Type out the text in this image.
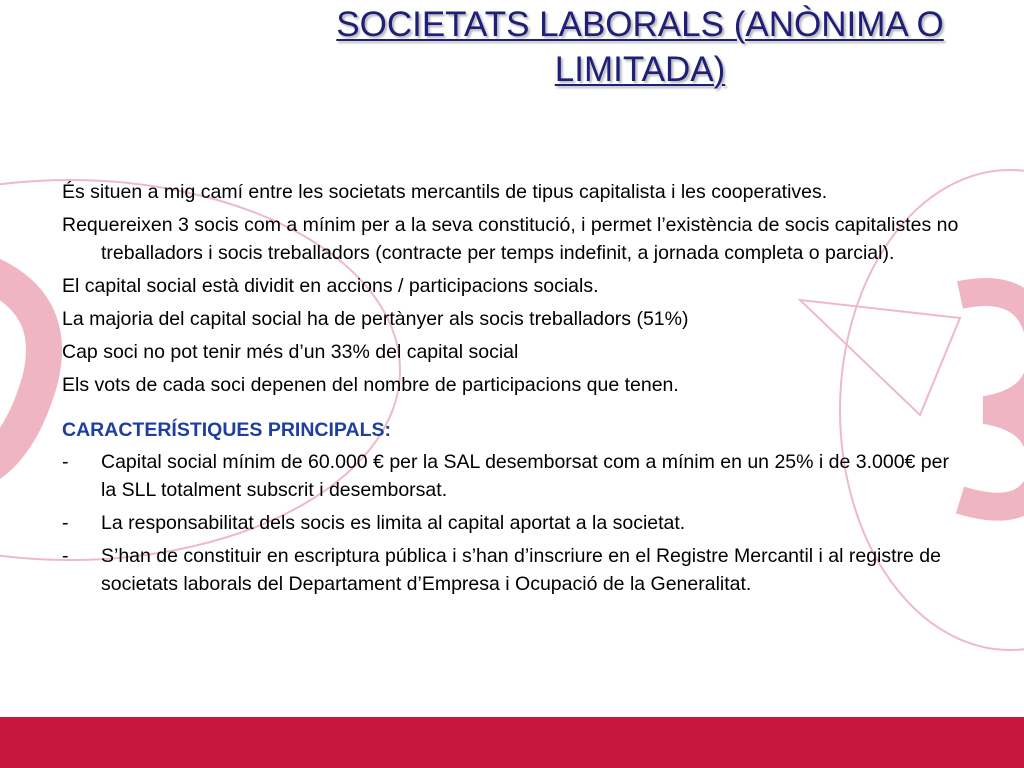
SOCIETATS LABORALS (ANÒNIMA O LIMITADA)

És situen a mig camí entre les societats mercantils de tipus capitalista i les cooperatives.

Requereixen 3 socis com a mínim per a la seva constitució, i permet l’existència de socis capitalistes no treballadors i socis treballadors (contracte per temps indefinit, a jornada completa o parcial).

El capital social està dividit en accions / participacions socials.

La majoria del capital social ha de pertànyer als socis treballadors (51%)

Cap soci no pot tenir més d’un 33% del capital social

Els vots de cada soci depenen del nombre de participacions que tenen.

CARACTERÍSTIQUES PRINCIPALS:
- Capital social mínim de 60.000 € per la SAL desemborsat com a mínim en un 25% i de 3.000€ per la SLL totalment subscrit i desemborsat.
- La responsabilitat dels socis es limita al capital aportat a la societat.
- S’han de constituir en escriptura pública i s’han d’inscriure en el Registre Mercantil i al registre de societats laborals del Departament d’Empresa i Ocupació de la Generalitat.
